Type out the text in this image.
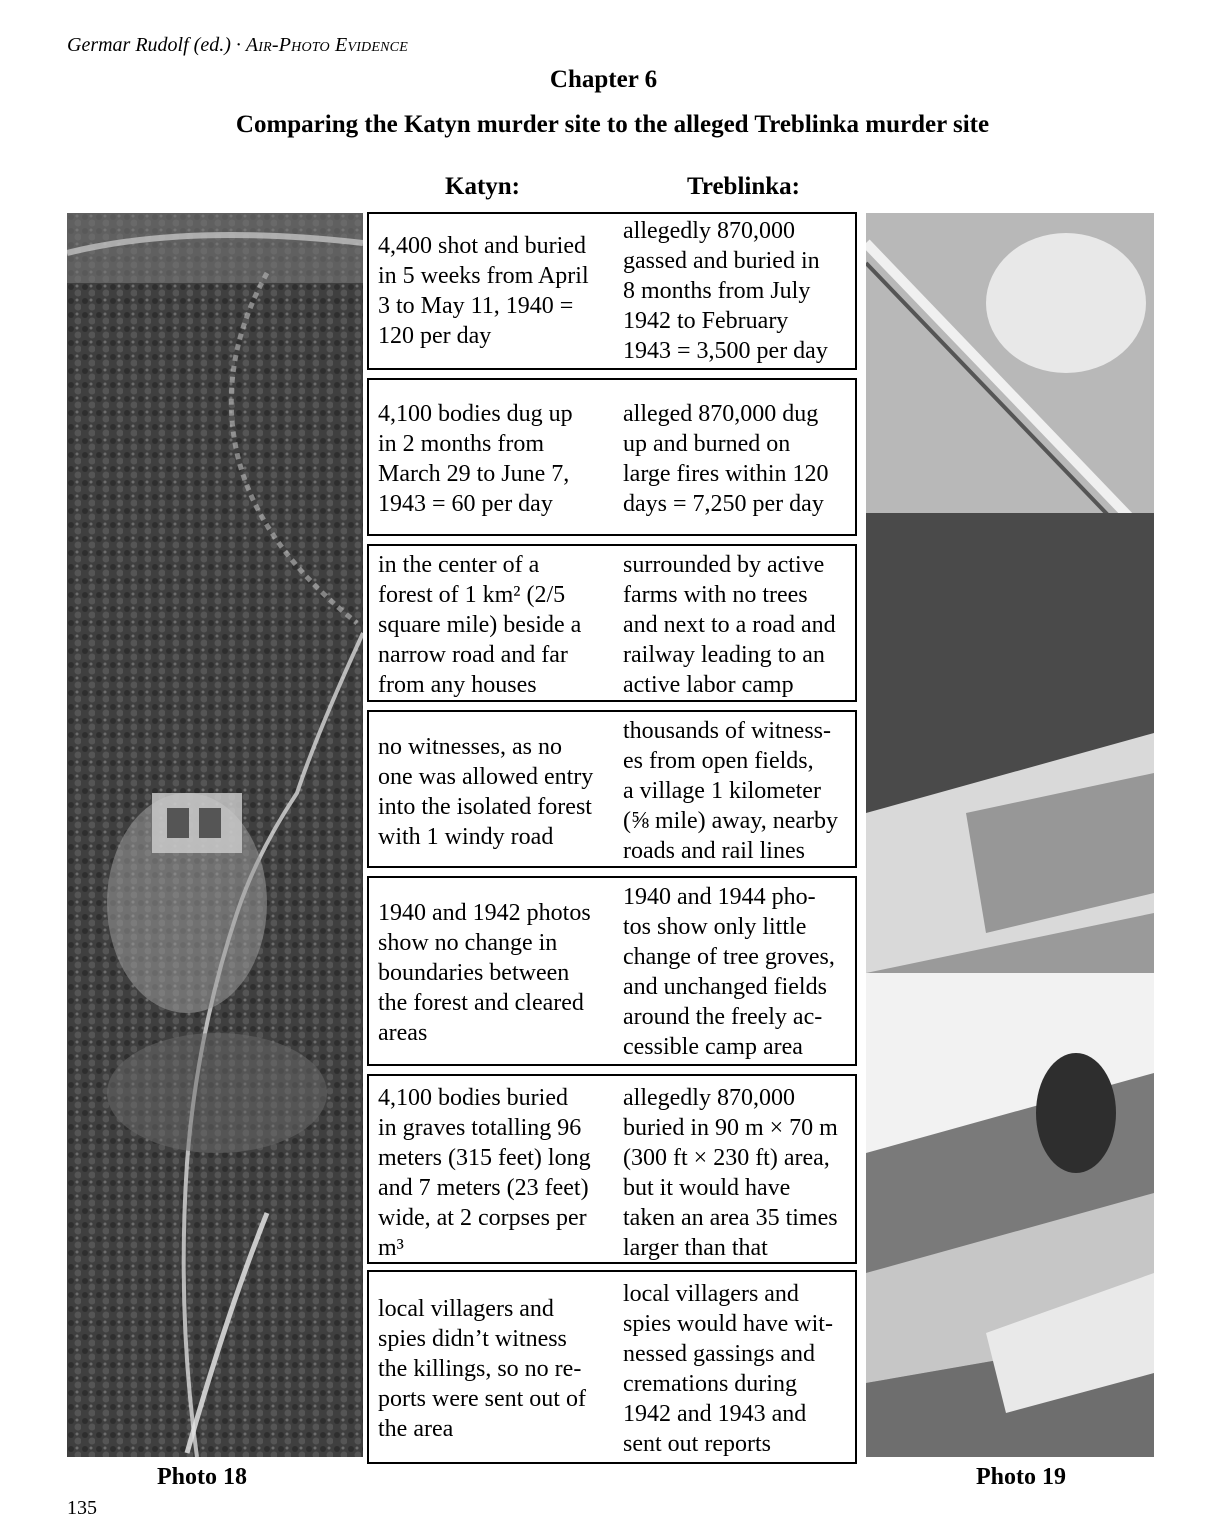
Germar Rudolf (ed.) · Air-Photo Evidence
Chapter 6
Comparing the Katyn murder site to the alleged Treblinka murder site
Katyn:	Treblinka:
4,400 shot and buried
in 5 weeks from April
3 to May 11, 1940 =
120 per day
allegedly 870,000
gassed and buried in
8 months from July
1942 to February
1943 = 3,500 per day
4,100 bodies dug up
in 2 months from
March 29 to June 7,
1943 = 60 per day
alleged 870,000 dug
up and burned on
large fires within 120
days = 7,250 per day
in the center of a
forest of 1 km² (2/5
square mile) beside a
narrow road and far
from any houses
surrounded by active
farms with no trees
and next to a road and
railway leading to an
active labor camp
no witnesses, as no
one was allowed entry
into the isolated forest
with 1 windy road
thousands of witness-
es from open fields,
a village 1 kilometer
(⅝ mile) away, nearby
roads and rail lines
1940 and 1942 photos
show no change in
boundaries between
the forest and cleared
areas
1940 and 1944 pho-
tos show only little
change of tree groves,
and unchanged fields
around the freely ac-
cessible camp area
4,100 bodies buried
in graves totalling 96
meters (315 feet) long
and 7 meters (23 feet)
wide, at 2 corpses per
m³
allegedly 870,000
buried in 90 m × 70 m
(300 ft × 230 ft) area,
but it would have
taken an area 35 times
larger than that
local villagers and
spies didn’t witness
the killings, so no re-
ports were sent out of
the area
local villagers and
spies would have wit-
nessed gassings and
cremations during
1942 and 1943 and
sent out reports
Photo 18	Photo 19
135
